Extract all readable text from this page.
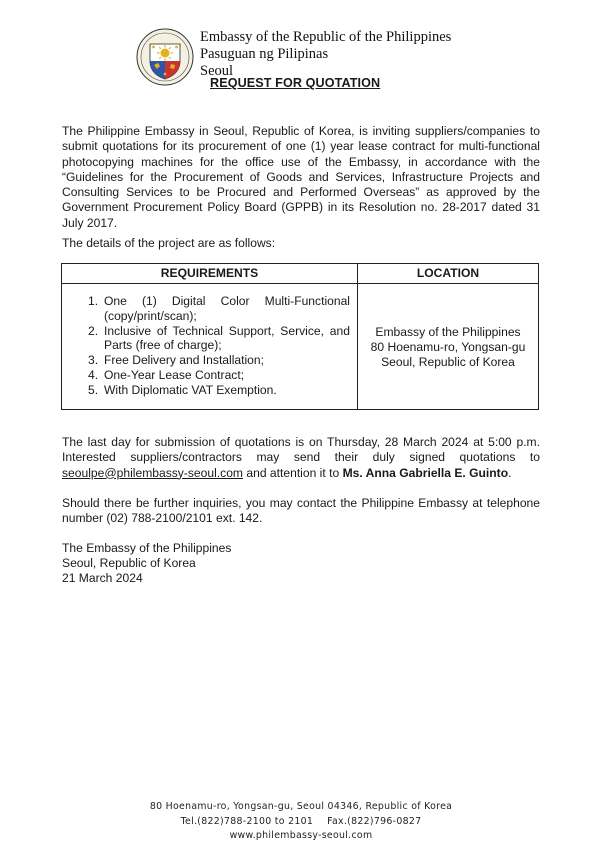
Embassy of the Republic of the Philippines
Pasuguan ng Pilipinas
Seoul
REQUEST FOR QUOTATION

The Philippine Embassy in Seoul, Republic of Korea, is inviting suppliers/companies to submit quotations for its procurement of one (1) year lease contract for multi-functional photocopying machines for the office use of the Embassy, in accordance with the “Guidelines for the Procurement of Goods and Services, Infrastructure Projects and Consulting Services to be Procured and Performed Overseas” as approved by the Government Procurement Policy Board (GPPB) in its Resolution no. 28-2017 dated 31 July 2017.

The details of the project are as follows:

REQUIREMENTS	LOCATION
1. One (1) Digital Color Multi-Functional (copy/print/scan);
2. Inclusive of Technical Support, Service, and Parts (free of charge);
3. Free Delivery and Installation;
4. One-Year Lease Contract;
5. With Diplomatic VAT Exemption.
Embassy of the Philippines
80 Hoenamu-ro, Yongsan-gu
Seoul, Republic of Korea

The last day for submission of quotations is on Thursday, 28 March 2024 at 5:00 p.m. Interested suppliers/contractors may send their duly signed quotations to seoulpe@philembassy-seoul.com and attention it to Ms. Anna Gabriella E. Guinto.

Should there be further inquiries, you may contact the Philippine Embassy at telephone number (02) 788-2100/2101 ext. 142.

The Embassy of the Philippines
Seoul, Republic of Korea
21 March 2024
80 Hoenamu-ro, Yongsan-gu, Seoul 04346, Republic of Korea
Tel.(822)788-2100 to 2101 Fax.(822)796-0827
www.philembassy-seoul.com
